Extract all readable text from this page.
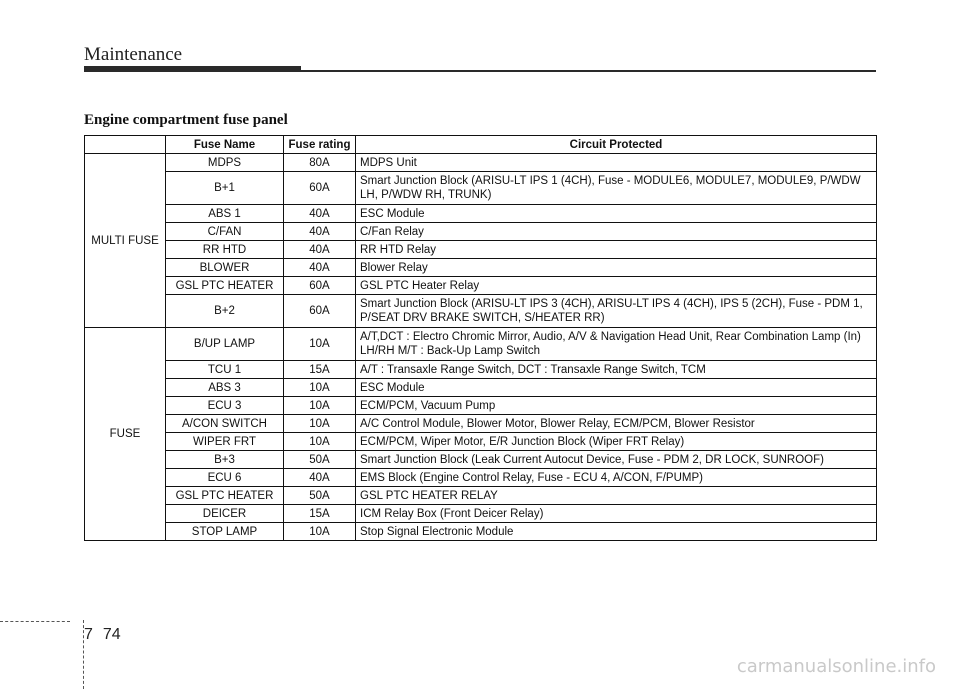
Maintenance
Engine compartment fuse panel
	Fuse Name	Fuse rating	Circuit Protected
MULTI FUSE	MDPS	80A	MDPS Unit
	B+1	60A	Smart Junction Block (ARISU-LT IPS 1 (4CH), Fuse - MODULE6, MODULE7, MODULE9, P/WDW LH, P/WDW RH, TRUNK)
	ABS 1	40A	ESC Module
	C/FAN	40A	C/Fan Relay
	RR HTD	40A	RR HTD Relay
	BLOWER	40A	Blower Relay
	GSL PTC HEATER	60A	GSL PTC Heater Relay
	B+2	60A	Smart Junction Block (ARISU-LT IPS 3 (4CH), ARISU-LT IPS 4 (4CH), IPS 5 (2CH), Fuse - PDM 1, P/SEAT DRV BRAKE SWITCH, S/HEATER RR)
FUSE	B/UP LAMP	10A	A/T,DCT : Electro Chromic Mirror, Audio, A/V & Navigation Head Unit, Rear Combination Lamp (In) LH/RH M/T : Back-Up Lamp Switch
	TCU 1	15A	A/T : Transaxle Range Switch, DCT : Transaxle Range Switch, TCM
	ABS 3	10A	ESC Module
	ECU 3	10A	ECM/PCM, Vacuum Pump
	A/CON SWITCH	10A	A/C Control Module, Blower Motor, Blower Relay, ECM/PCM, Blower Resistor
	WIPER FRT	10A	ECM/PCM, Wiper Motor, E/R Junction Block (Wiper FRT Relay)
	B+3	50A	Smart Junction Block (Leak Current Autocut Device, Fuse - PDM 2, DR LOCK, SUNROOF)
	ECU 6	40A	EMS Block (Engine Control Relay, Fuse - ECU 4, A/CON, F/PUMP)
	GSL PTC HEATER	50A	GSL PTC HEATER RELAY
	DEICER	15A	ICM Relay Box (Front Deicer Relay)
	STOP LAMP	10A	Stop Signal Electronic Module
7 74
carmanualsonline.info
